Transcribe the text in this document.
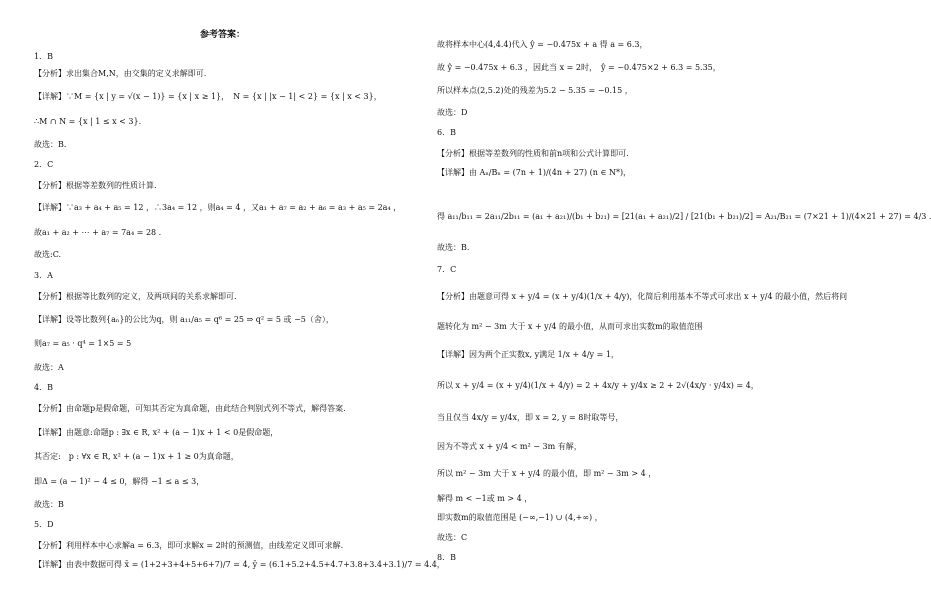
参考答案：
1．B
【分析】求出集合M,N，由交集的定义求解即可.
【详解】∵M = {x | y = √(x − 1)} = {x | x ≥ 1}，　N = {x | |x − 1| < 2} = {x | x < 3}，
∴M ∩ N = {x | 1 ≤ x < 3}.
故选：B.
2．C
【分析】根据等差数列的性质计算.
【详解】∵a₃ + a₄ + a₅ = 12 ，∴3a₄ = 12 ，则a₄ = 4 ，又a₁ + a₇ = a₂ + a₆ = a₃ + a₅ = 2a₄ ，
故a₁ + a₂ + ⋯ + a₇ = 7a₄ = 28 .
故选:C.
3．A
【分析】根据等比数列的定义，及两项间的关系求解即可.
【详解】设等比数列{aₙ}的公比为q，则 a₁₁/a₅ = q⁶ = 25 ⇒ q² = 5 或 −5（舍），
则a₇ = a₅ · q⁴ = 1×5 = 5
故选：A
4．B
【分析】由命题p是假命题，可知其否定为真命题，由此结合判别式列不等式，解得答案.
【详解】由题意:命题p : ∃x ∈ R, x² + (a − 1)x + 1 < 0是假命题，
其否定:　p : ∀x ∈ R, x² + (a − 1)x + 1 ≥ 0为真命题，
即Δ = (a − 1)² − 4 ≤ 0，解得 −1 ≤ a ≤ 3，
故选：B
5．D
【分析】利用样本中心求解a = 6.3，即可求解x = 2时的预测值，由线差定义即可求解.
【详解】由表中数据可得 x̄ = (1+2+3+4+5+6+7)/7 = 4, ȳ = (6.1+5.2+4.5+4.7+3.8+3.4+3.1)/7 = 4.4，
故将样本中心(4,4.4)代入 ŷ = −0.475x + a 得 a = 6.3，
故 ŷ = −0.475x + 6.3 ，因此当 x = 2时，　ŷ = −0.475×2 + 6.3 = 5.35，
所以样本点(2,5.2)处的残差为5.2 − 5.35 = −0.15 ，
故选：D
6．B
【分析】根据等差数列的性质和前n项和公式计算即可.
【详解】由 Aₙ/Bₙ = (7n + 1)/(4n + 27) (n ∈ N*)，
得 a₁₁/b₁₁ = 2a₁₁/2b₁₁ = (a₁ + a₂₁)/(b₁ + b₂₁) = [21(a₁ + a₂₁)/2] / [21(b₁ + b₂₁)/2] = A₂₁/B₂₁ = (7×21 + 1)/(4×21 + 27) = 4/3 .
故选：B.
7．C
【分析】由题意可得 x + y/4 = (x + y/4)(1/x + 4/y)，化简后利用基本不等式可求出 x + y/4 的最小值，然后将问
题转化为 m² − 3m 大于 x + y/4 的最小值，从而可求出实数m的取值范围
【详解】因为两个正实数x, y满足 1/x + 4/y = 1，
所以 x + y/4 = (x + y/4)(1/x + 4/y) = 2 + 4x/y + y/4x ≥ 2 + 2√(4x/y · y/4x) = 4，
当且仅当 4x/y = y/4x，即 x = 2, y = 8时取等号，
因为不等式 x + y/4 < m² − 3m 有解，
所以 m² − 3m 大于 x + y/4 的最小值，即 m² − 3m > 4 ，
解得 m < −1或 m > 4 ，
即实数m的取值范围是 (−∞,−1) ∪ (4,+∞) ，
故选：C
8．B
